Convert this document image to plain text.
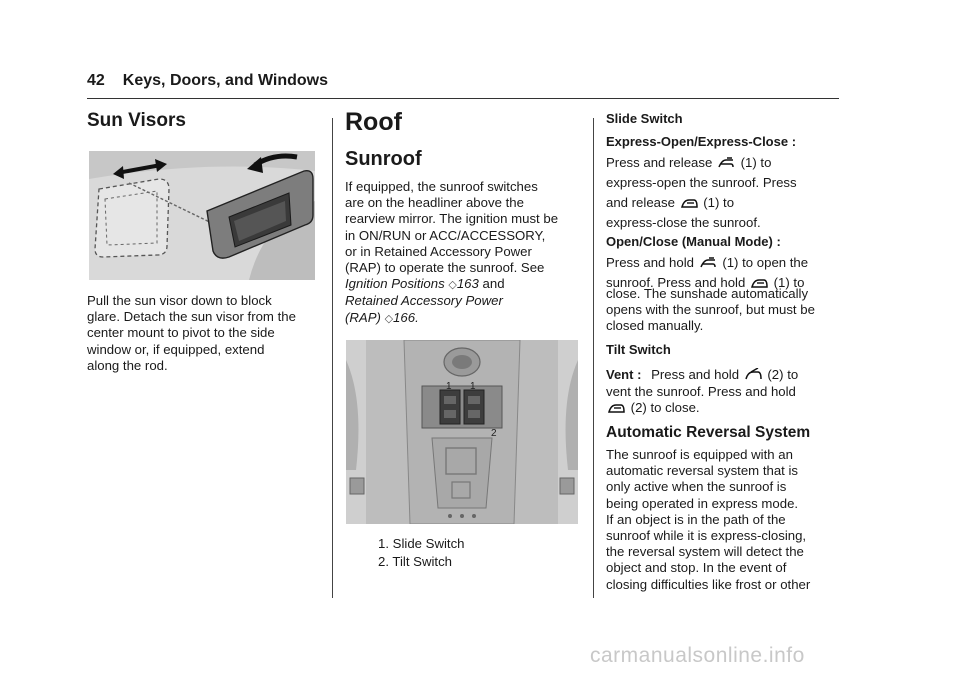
42 Keys, Doors, and Windows
Sun Visors
Pull the sun visor down to block
glare. Detach the sun visor from the
center mount to pivot to the side
window or, if equipped, extend
along the rod.
Roof
Sunroof
If equipped, the sunroof switches
are on the headliner above the
rearview mirror. The ignition must be
in ON/RUN or ACC/ACCESSORY,
or in Retained Accessory Power
(RAP) to operate the sunroof. See
Ignition Positions ◇163 and
Retained Accessory Power
(RAP) ◇166.
1 1
2
1. Slide Switch
2. Tilt Switch
Slide Switch
Express-Open/Express-Close :
Press and release (1) to
express-open the sunroof. Press
and release (1) to
express-close the sunroof.
Open/Close (Manual Mode) :
Press and hold (1) to open the
sunroof. Press and hold (1) to
close. The sunshade automatically
opens with the sunroof, but must be
closed manually.
Tilt Switch
Vent : Press and hold (2) to
vent the sunroof. Press and hold
(2) to close.
Automatic Reversal System
The sunroof is equipped with an
automatic reversal system that is
only active when the sunroof is
being operated in express mode.
If an object is in the path of the
sunroof while it is express-closing,
the reversal system will detect the
object and stop. In the event of
closing difficulties like frost or other
carmanualsonline.info
